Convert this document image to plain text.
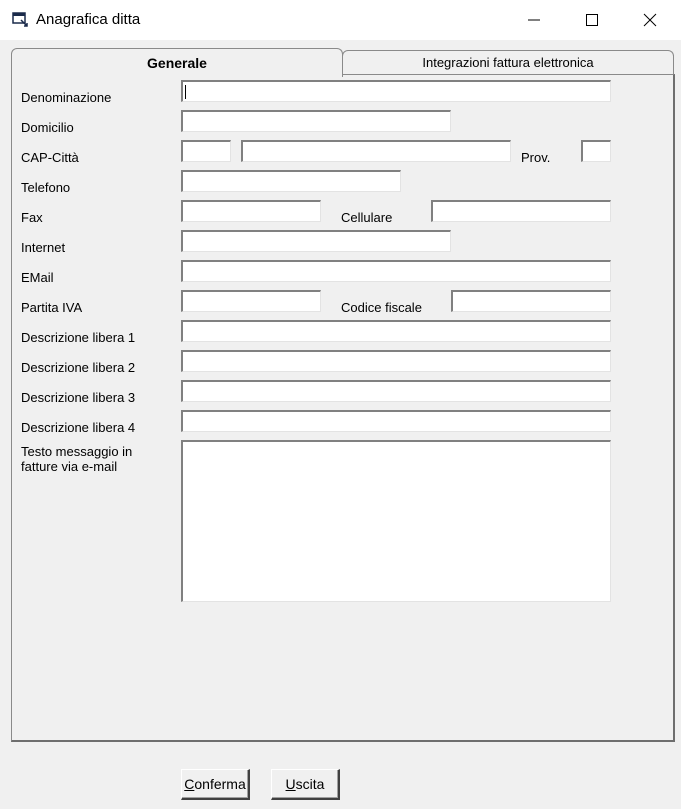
Anagrafica ditta
Generale	Integrazioni fattura elettronica
Denominazione
Domicilio
CAP-Città	Prov.
Telefono
Fax	Cellulare
Internet
EMail
Partita IVA	Codice fiscale
Descrizione libera 1
Descrizione libera 2
Descrizione libera 3
Descrizione libera 4
Testo messaggio in fatture via e-mail
Conferma	Uscita
